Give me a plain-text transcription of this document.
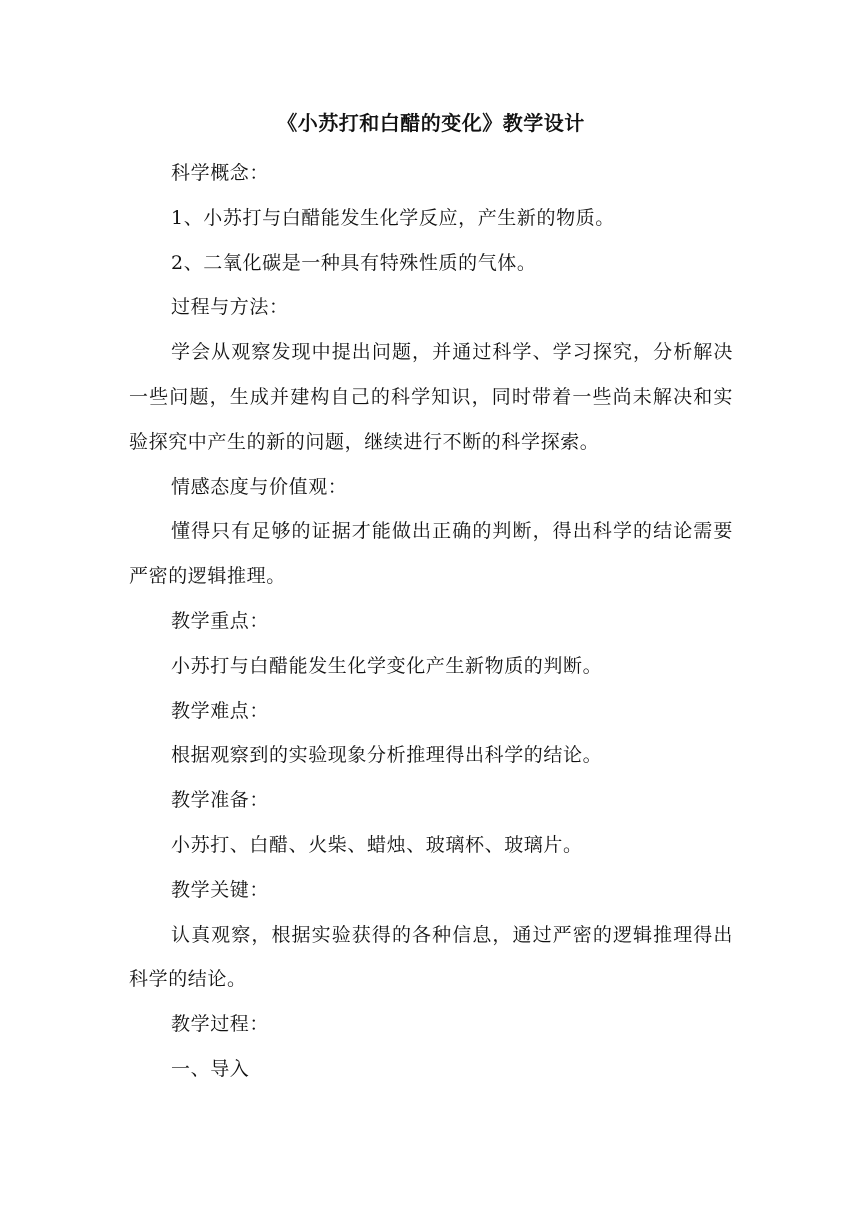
《小苏打和白醋的变化》教学设计

科学概念：

1、小苏打与白醋能发生化学反应，产生新的物质。

2、二氧化碳是一种具有特殊性质的气体。

过程与方法：

学会从观察发现中提出问题，并通过科学、学习探究，分析解决一些问题，生成并建构自己的科学知识，同时带着一些尚未解决和实验探究中产生的新的问题，继续进行不断的科学探索。

情感态度与价值观：

懂得只有足够的证据才能做出正确的判断，得出科学的结论需要严密的逻辑推理。

教学重点：

小苏打与白醋能发生化学变化产生新物质的判断。

教学难点：

根据观察到的实验现象分析推理得出科学的结论。

教学准备：

小苏打、白醋、火柴、蜡烛、玻璃杯、玻璃片。

教学关键：

认真观察，根据实验获得的各种信息，通过严密的逻辑推理得出科学的结论。

教学过程：

一、导入
